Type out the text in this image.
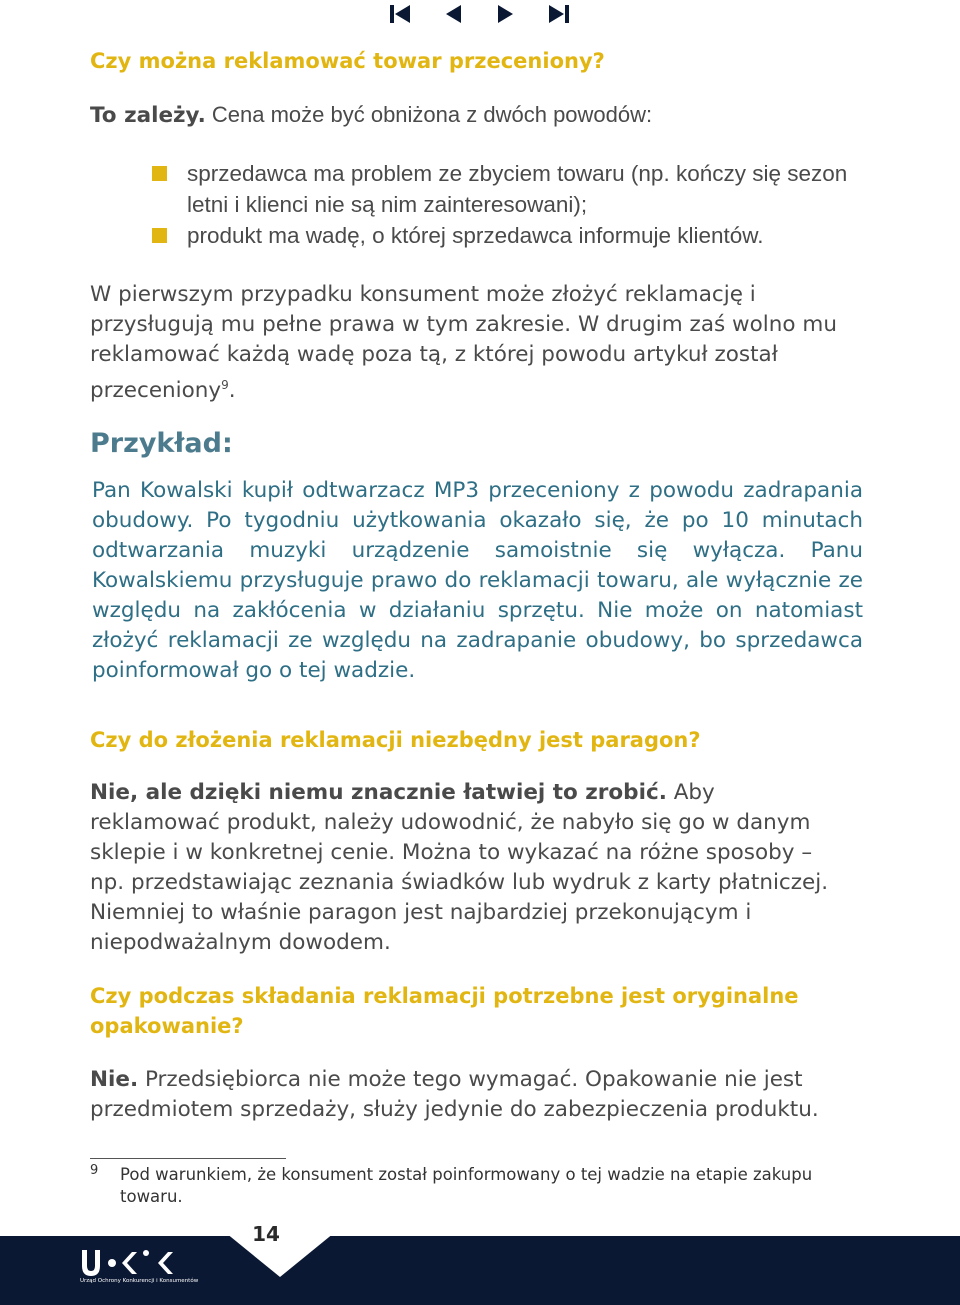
Czy można reklamować towar przeceniony?

To zależy. Cena może być obniżona z dwóch powodów:

sprzedawca ma problem ze zbyciem towaru (np. kończy się sezon letni i klienci nie są nim zainteresowani);
produkt ma wadę, o której sprzedawca informuje klientów.

W pierwszym przypadku konsument może złożyć reklamację i przysługują mu pełne prawa w tym zakresie. W drugim zaś wolno mu reklamować każdą wadę poza tą, z której powodu artykuł został przeceniony$^9$.

Przykład:

Pan Kowalski kupił odtwarzacz MP3 przeceniony z powodu zadrapania obudowy. Po tygodniu użytkowania okazało się, że po 10 minutach odtwarzania muzyki urządzenie samoistnie się wyłącza. Panu Kowalskiemu przysługuje prawo do reklamacji towaru, ale wyłącznie ze względu na zakłócenia w działaniu sprzętu. Nie może on natomiast złożyć reklamacji ze względu na zadrapanie obudowy, bo sprzedawca poinformował go o tej wadzie.

Czy do złożenia reklamacji niezbędny jest paragon?

Nie, ale dzięki niemu znacznie łatwiej to zrobić. Aby reklamować produkt, należy udowodnić, że nabyło się go w danym sklepie i w konkretnej cenie. Można to wykazać na różne sposoby – np. przedstawiając zeznania świadków lub wydruk z karty płatniczej. Niemniej to właśnie paragon jest najbardziej przekonującym i niepodważalnym dowodem.

Czy podczas składania reklamacji potrzebne jest oryginalne opakowanie?

Nie. Przedsiębiorca nie może tego wymagać. Opakowanie nie jest przedmiotem sprzedaży, służy jedynie do zabezpieczenia produktu.

9 Pod warunkiem, że konsument został poinformowany o tej wadzie na etapie zakupu towaru.

14
Urząd Ochrony Konkurencji i Konsumentów
